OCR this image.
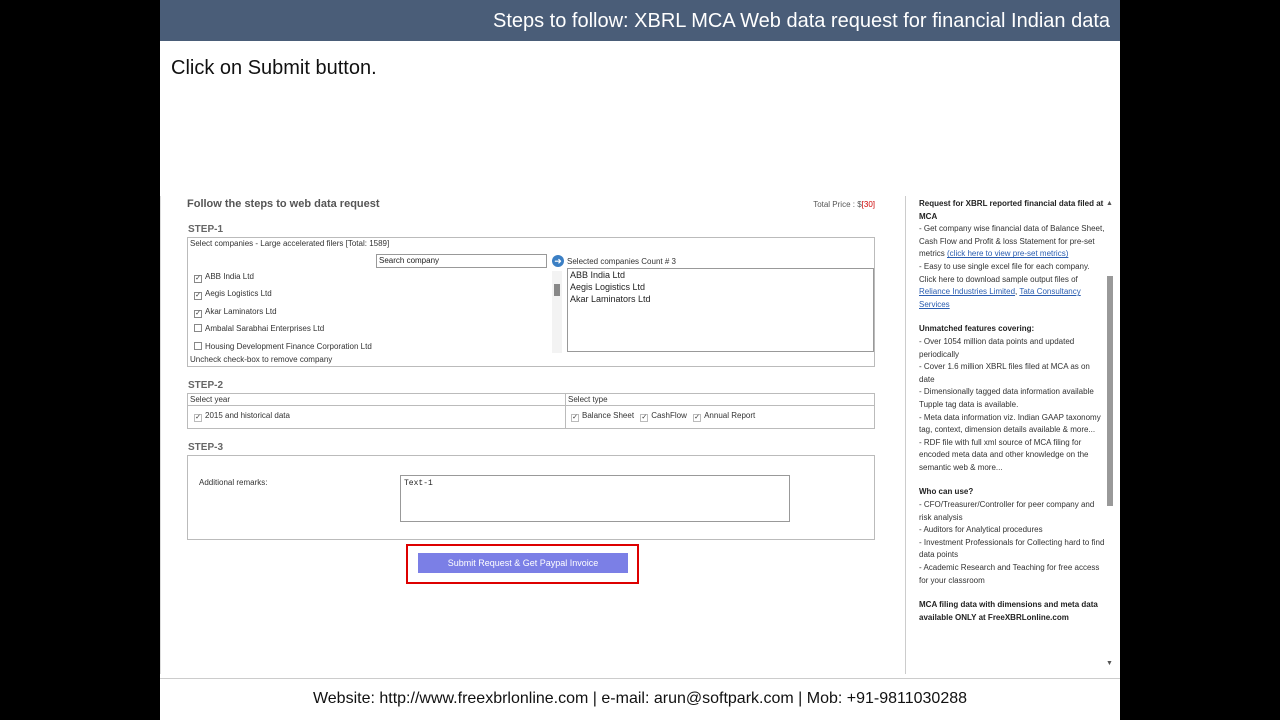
Steps to follow: XBRL MCA Web data request for financial Indian data
Click on Submit button.
Follow the steps to web data request	Total Price : $[30]
STEP-1
Select companies - Large accelerated filers [Total: 1589]
Search company	➜ Selected companies Count # 3
✓ ABB India Ltd
✓ Aegis Logistics Ltd
✓ Akar Laminators Ltd
Ambalal Sarabhai Enterprises Ltd
Housing Development Finance Corporation Ltd
ABB India Ltd
Aegis Logistics Ltd
Akar Laminators Ltd
Uncheck check-box to remove company
STEP-2
Select year
✓ 2015 and historical data
Select type
✓ Balance Sheet ✓ CashFlow ✓ Annual Report
STEP-3
Additional remarks:	Text-1
Submit Request & Get Paypal Invoice
Request for XBRL reported financial data filed at MCA
- Get company wise financial data of Balance Sheet, Cash Flow and Profit & loss Statement for pre-set metrics (click here to view pre-set metrics)
- Easy to use single excel file for each company. Click here to download sample output files of Reliance Industries Limited, Tata Consultancy Services
Unmatched features covering:
- Over 1054 million data points and updated periodically
- Cover 1.6 million XBRL files filed at MCA as on date
- Dimensionally tagged data information available
Tupple tag data is available.
- Meta data information viz. Indian GAAP taxonomy tag, context, dimension details available & more...
- RDF file with full xml source of MCA filing for encoded meta data and other knowledge on the semantic web & more...
Who can use?
- CFO/Treasurer/Controller for peer company and risk analysis
- Auditors for Analytical procedures
- Investment Professionals for Collecting hard to find data points
- Academic Research and Teaching for free access for your classroom
MCA filing data with dimensions and meta data available ONLY at FreeXBRLonline.com
▲
▼
Website: http://www.freexbrlonline.com | e-mail: arun@softpark.com | Mob: +91-9811030288
